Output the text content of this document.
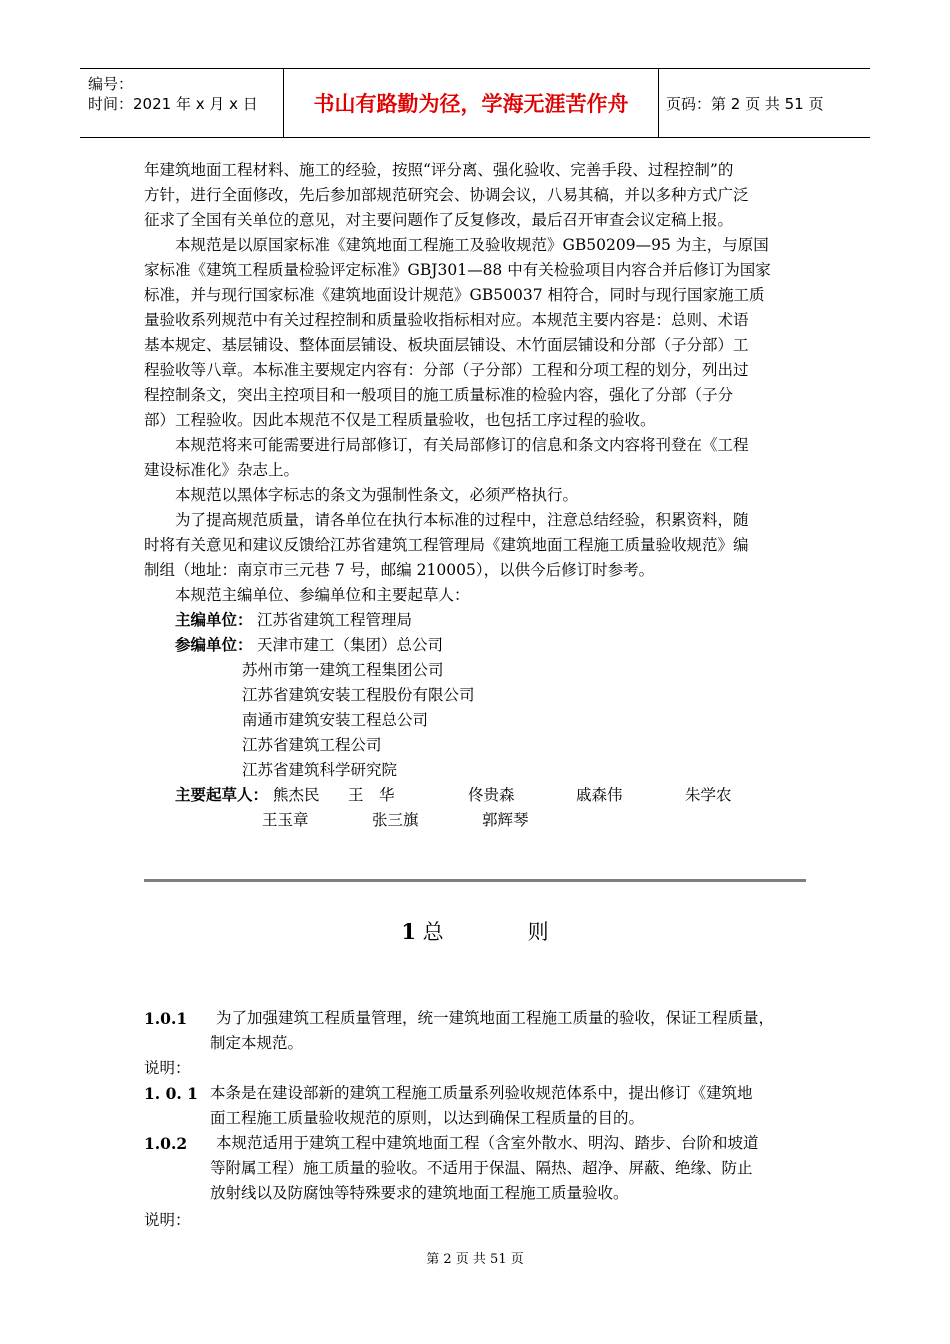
编号：
时间：2021 年 x 月 x 日	书山有路勤为径，学海无涯苦作舟	页码：第 2 页 共 51 页
年建筑地面工程材料、施工的经验，按照“评分离、强化验收、完善手段、过程控制”的
方针，进行全面修改，先后参加部规范研究会、协调会议，八易其稿，并以多种方式广泛
征求了全国有关单位的意见，对主要问题作了反复修改，最后召开审查会议定稿上报。
　　本规范是以原国家标准《建筑地面工程施工及验收规范》GB50209—95 为主，与原国
家标准《建筑工程质量检验评定标准》GBJ301—88 中有关检验项目内容合并后修订为国家
标准，并与现行国家标准《建筑地面设计规范》GB50037 相符合，同时与现行国家施工质
量验收系列规范中有关过程控制和质量验收指标相对应。本规范主要内容是：总则、术语
基本规定、基层铺设、整体面层铺设、板块面层铺设、木竹面层铺设和分部（子分部）工
程验收等八章。本标准主要规定内容有：分部（子分部）工程和分项工程的划分，列出过
程控制条文，突出主控项目和一般项目的施工质量标准的检验内容，强化了分部（子分
部）工程验收。因此本规范不仅是工程质量验收，也包括工序过程的验收。
　　本规范将来可能需要进行局部修订，有关局部修订的信息和条文内容将刊登在《工程
建设标准化》杂志上。
　　本规范以黑体字标志的条文为强制性条文，必须严格执行。
　　为了提高规范质量，请各单位在执行本标准的过程中，注意总结经验，积累资料，随
时将有关意见和建议反馈给江苏省建筑工程管理局《建筑地面工程施工质量验收规范》编
制组（地址：南京市三元巷 7 号，邮编 210005），以供今后修订时参考。
　　本规范主编单位、参编单位和主要起草人：
主编单位： 江苏省建筑工程管理局
参编单位： 天津市建工（集团）总公司
苏州市第一建筑工程集团公司
江苏省建筑安装工程股份有限公司
南通市建筑安装工程总公司
江苏省建筑工程公司
江苏省建筑科学研究院
主要起草人： 熊杰民 王　华	佟贵森	戚森伟	朱学农
王玉章	张三旗	郭辉琴
1 总　　　　则
1.0.1 为了加强建筑工程质量管理，统一建筑地面工程施工质量的验收，保证工程质量，
制定本规范。
说明：
1. 0. 1 本条是在建设部新的建筑工程施工质量系列验收规范体系中，提出修订《建筑地
面工程施工质量验收规范的原则，以达到确保工程质量的目的。
1.0.2 本规范适用于建筑工程中建筑地面工程（含室外散水、明沟、踏步、台阶和坡道
等附属工程）施工质量的验收。不适用于保温、隔热、超净、屏蔽、绝缘、防止
放射线以及防腐蚀等特殊要求的建筑地面工程施工质量验收。
说明：
第 2 页 共 51 页
